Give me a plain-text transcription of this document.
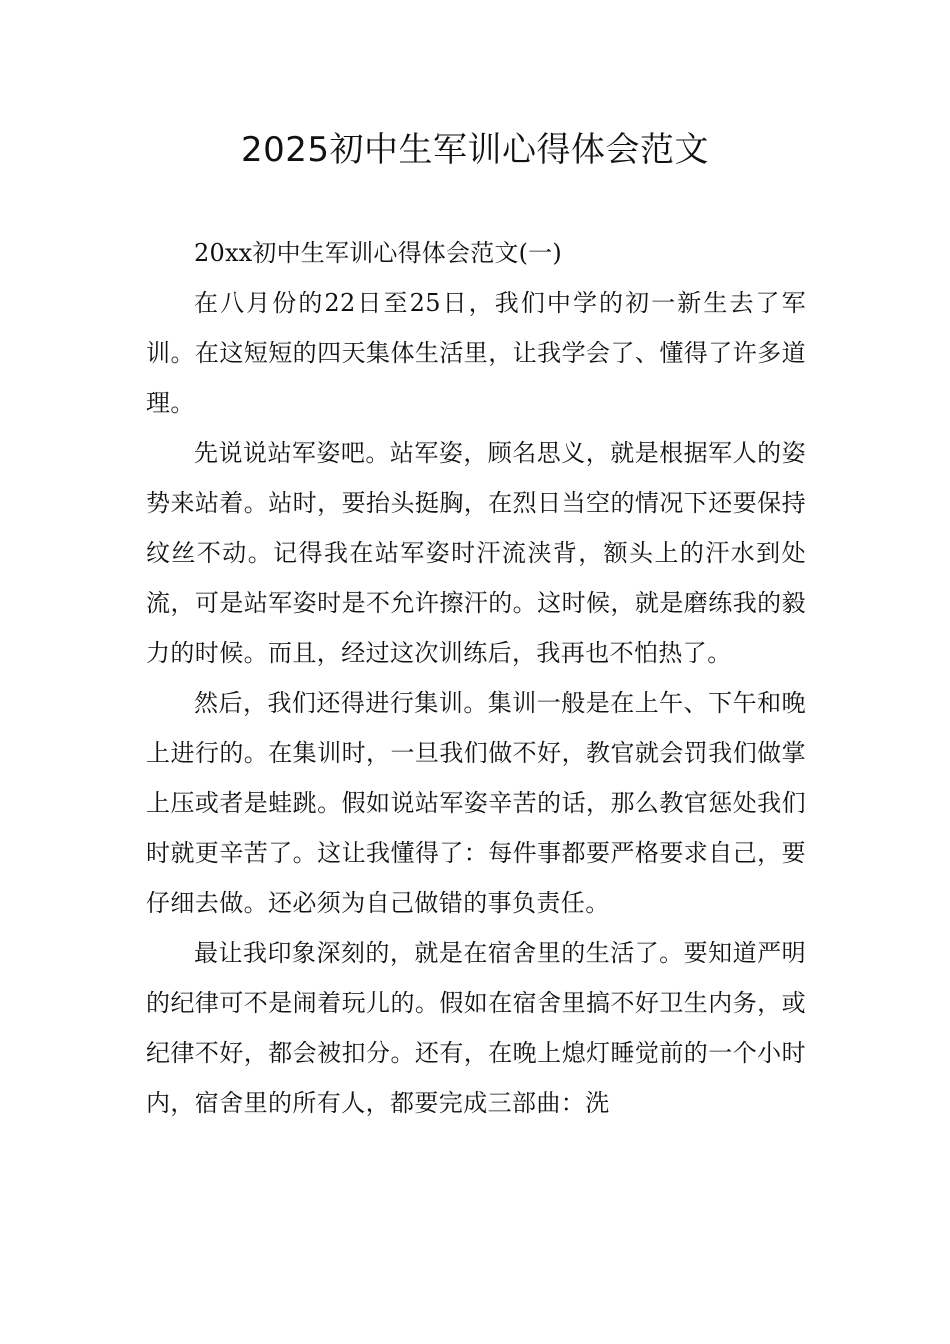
2025初中生军训心得体会范文

20xx初中生军训心得体会范文(一)

在八月份的22日至25日，我们中学的初一新生去了军训。在这短短的四天集体生活里，让我学会了、懂得了许多道理。

先说说站军姿吧。站军姿，顾名思义，就是根据军人的姿势来站着。站时，要抬头挺胸，在烈日当空的情况下还要保持纹丝不动。记得我在站军姿时汗流浃背，额头上的汗水到处流，可是站军姿时是不允许擦汗的。这时候，就是磨练我的毅力的时候。而且，经过这次训练后，我再也不怕热了。

然后，我们还得进行集训。集训一般是在上午、下午和晚上进行的。在集训时，一旦我们做不好，教官就会罚我们做掌上压或者是蛙跳。假如说站军姿辛苦的话，那么教官惩处我们时就更辛苦了。这让我懂得了：每件事都要严格要求自己，要仔细去做。还必须为自己做错的事负责任。

最让我印象深刻的，就是在宿舍里的生活了。要知道严明的纪律可不是闹着玩儿的。假如在宿舍里搞不好卫生内务，或纪律不好，都会被扣分。还有，在晚上熄灯睡觉前的一个小时内，宿舍里的所有人，都要完成三部曲：洗
